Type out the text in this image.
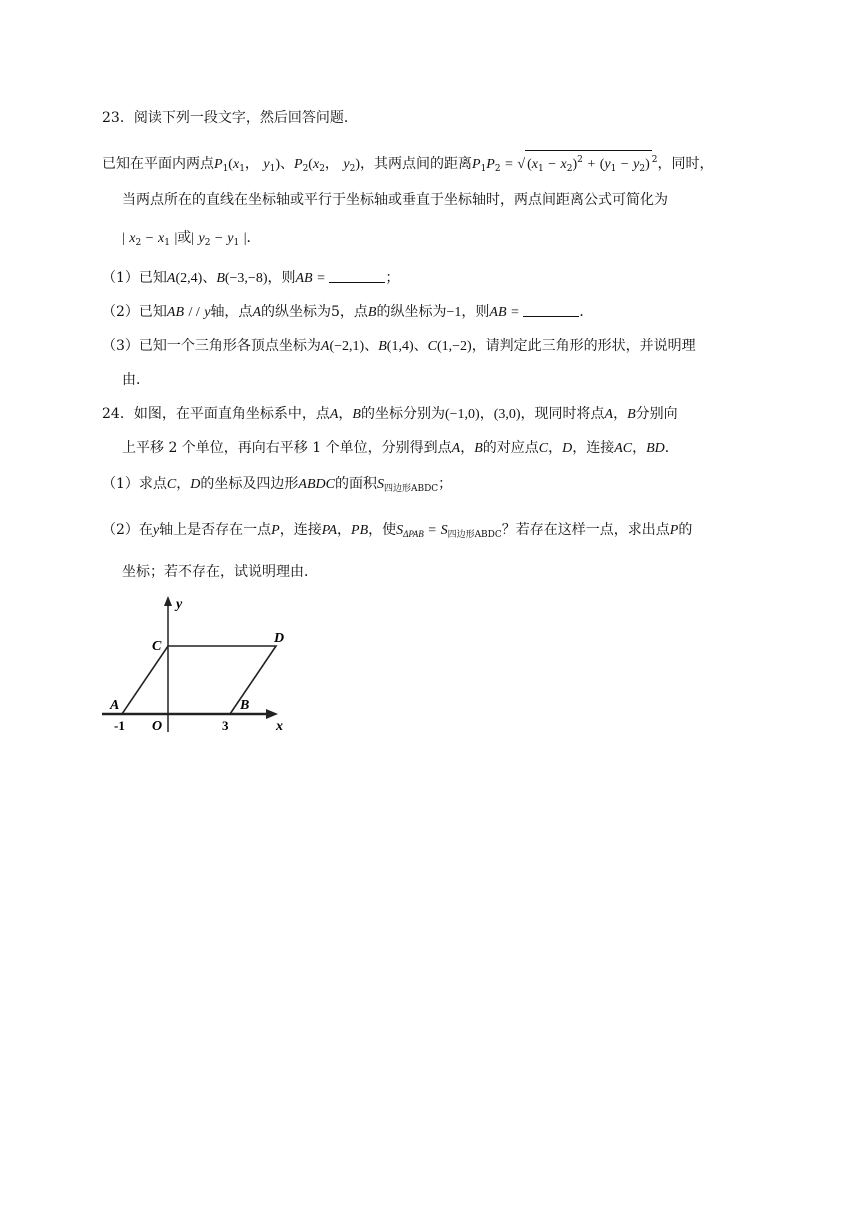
23．阅读下列一段文字，然后回答问题．
已知在平面内两点$P_1(x_1$， $y_1$)、$P_2(x_2$， $y_2$)，其两点间的距离$P_1P_2$ = √ $(x_1 - x_2)^2 + (y_1 - y_2)$ $^2$，同时，
当两点所在的直线在坐标轴或平行于坐标轴或垂直于坐标轴时，两点间距离公式可简化为
| $x_2 - x_1$ |或| $y_2 - y_1$ |．
（1）已知A(2,4)、B(−3,−8)，则AB =	；
（2）已知AB / / y轴，点A的纵坐标为5，点B的纵坐标为−1，则AB =	．
（3）已知一个三角形各顶点坐标为A(−2,1)、B(1,4)、C(1,−2)，请判定此三角形的形状，并说明理
由．
24．如图，在平面直角坐标系中，点A，B的坐标分别为(−1,0)，(3,0)，现同时将点A，B分别向
上平移 2 个单位，再向右平移 1 个单位，分别得到点A，B的对应点C，D，连接AC，BD．
（1）求点C，D的坐标及四边形ABDC的面积$S_{四边形ABDC}$；
（2）在y轴上是否存在一点P，连接PA，PB，使$S_{\Delta PAB} = S_{四边形ABDC}$？若存在这样一点，求出点P的
坐标；若不存在，试说明理由．
y
x
C
D
A	B
-1 O	3
